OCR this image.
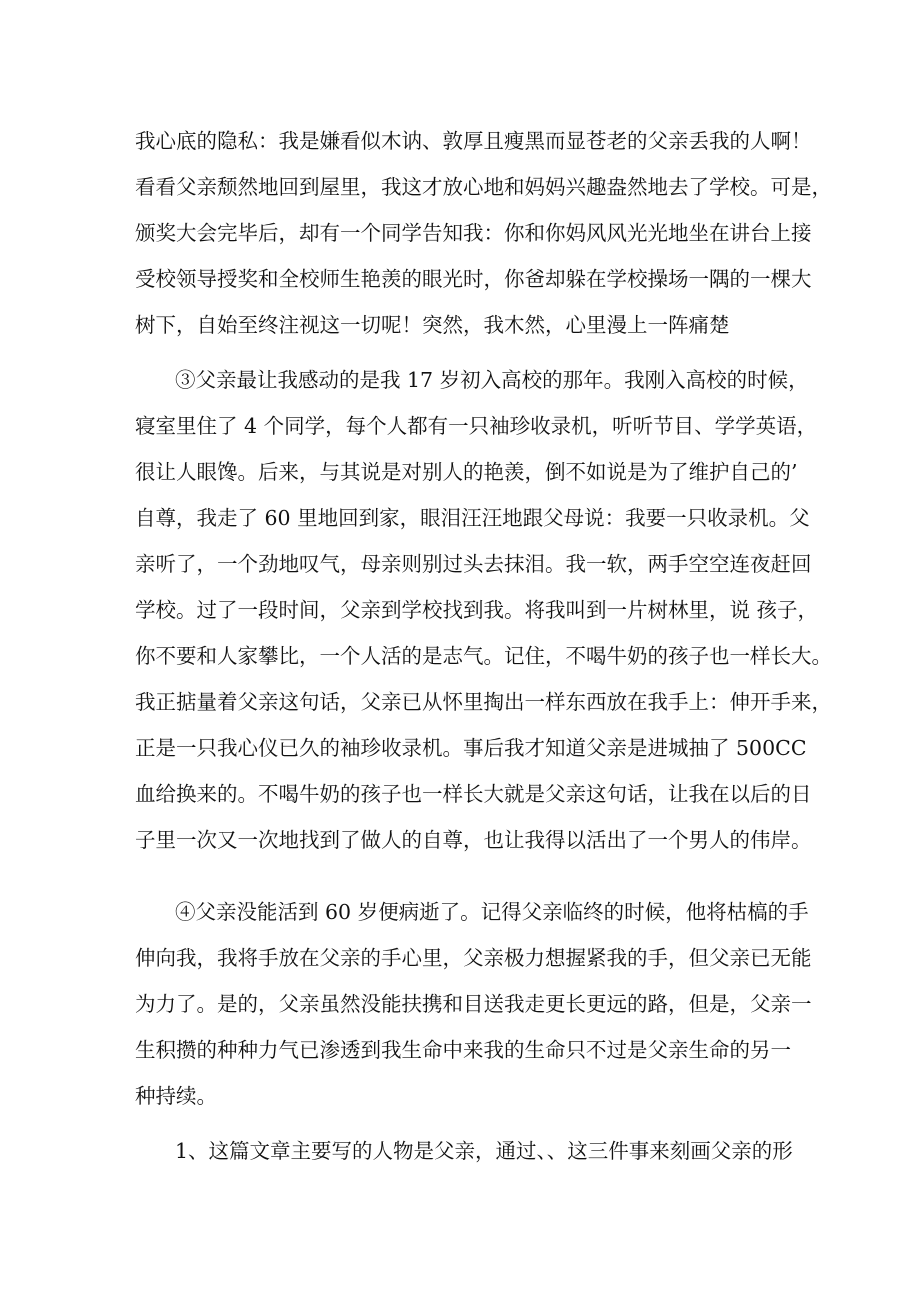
我心底的隐私：我是嫌看似木讷、敦厚且瘦黑而显苍老的父亲丢我的人啊！
看看父亲颓然地回到屋里，我这才放心地和妈妈兴趣盎然地去了学校。可是，
颁奖大会完毕后，却有一个同学告知我：你和你妈风风光光地坐在讲台上接
受校领导授奖和全校师生艳羡的眼光时，你爸却躲在学校操场一隅的一棵大
树下，自始至终注视这一切呢！突然，我木然，心里漫上一阵痛楚
③父亲最让我感动的是我 17 岁初入高校的那年。我刚入高校的时候，
寝室里住了 4 个同学，每个人都有一只袖珍收录机，听听节目、学学英语，
很让人眼馋。后来，与其说是对别人的艳羡，倒不如说是为了维护自己的’
自尊，我走了 60 里地回到家，眼泪汪汪地跟父母说：我要一只收录机。父
亲听了，一个劲地叹气，母亲则别过头去抹泪。我一软，两手空空连夜赶回
学校。过了一段时间，父亲到学校找到我。将我叫到一片树林里，说 孩子，
你不要和人家攀比，一个人活的是志气。记住，不喝牛奶的孩子也一样长大。
我正掂量着父亲这句话，父亲已从怀里掏出一样东西放在我手上：伸开手来，
正是一只我心仪已久的袖珍收录机。事后我才知道父亲是进城抽了 500CC
血给换来的。不喝牛奶的孩子也一样长大就是父亲这句话，让我在以后的日
子里一次又一次地找到了做人的自尊，也让我得以活出了一个男人的伟岸。
④父亲没能活到 60 岁便病逝了。记得父亲临终的时候，他将枯槁的手
伸向我，我将手放在父亲的手心里，父亲极力想握紧我的手，但父亲已无能
为力了。是的，父亲虽然没能扶携和目送我走更长更远的路，但是，父亲一
生积攒的种种力气已渗透到我生命中来我的生命只不过是父亲生命的另一
种持续。
1、这篇文章主要写的人物是父亲，通过、、这三件事来刻画父亲的形
